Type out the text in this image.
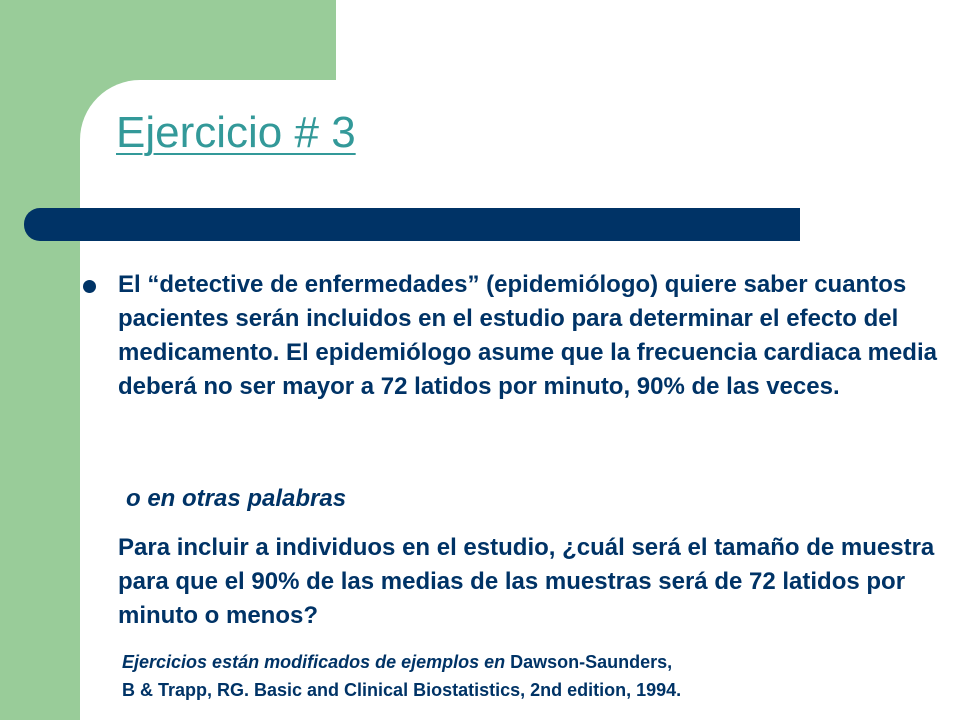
Ejercicio # 3

El “detective de enfermedades” (epidemiólogo) quiere saber cuantos pacientes serán incluidos en el estudio para determinar el efecto del medicamento. El epidemiólogo asume que la frecuencia cardiaca media deberá no ser mayor a 72 latidos por minuto, 90% de las veces.

o en otras palabras

Para incluir a individuos en el estudio, ¿cuál será el tamaño de muestra para que el 90% de las medias de las muestras será de 72 latidos por minuto o menos?

Ejercicios están modificados de ejemplos en Dawson-Saunders,
B & Trapp, RG. Basic and Clinical Biostatistics, 2nd edition, 1994.
